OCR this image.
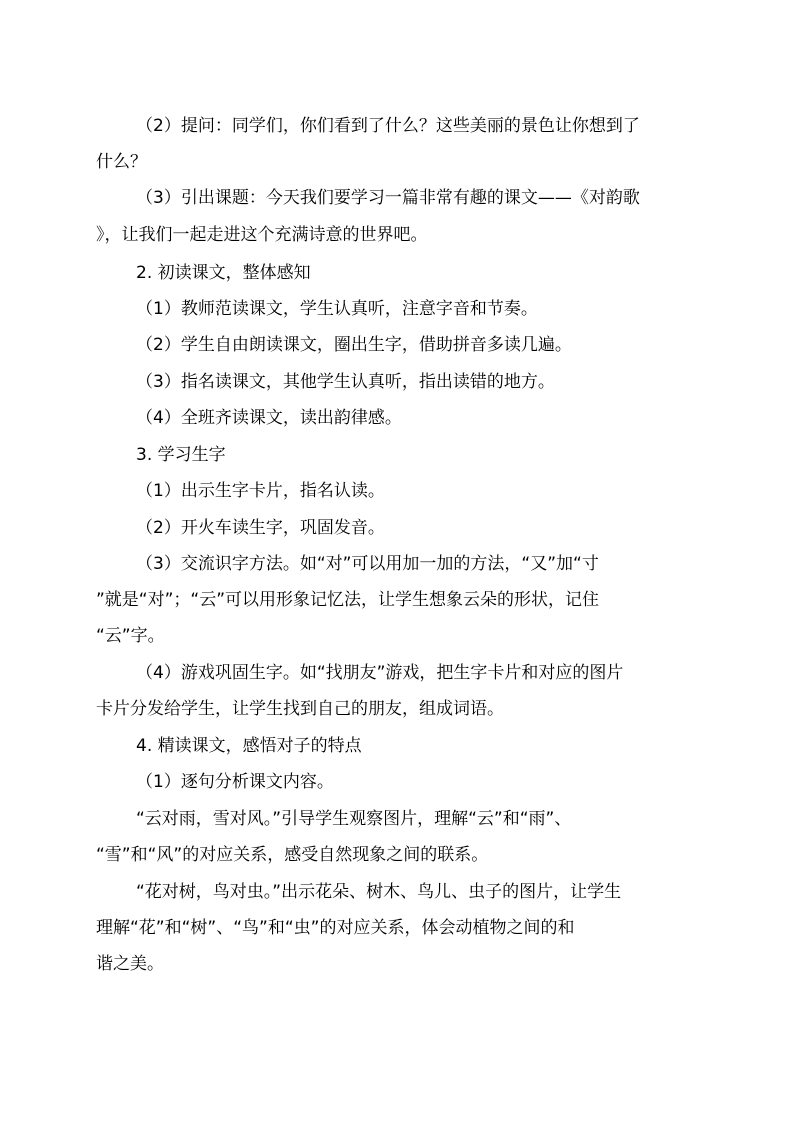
（2）提问：同学们，你们看到了什么？这些美丽的景色让你想到了
什么？
（3）引出课题：今天我们要学习一篇非常有趣的课文——《对韵歌
》，让我们一起走进这个充满诗意的世界吧。
2. 初读课文，整体感知
（1）教师范读课文，学生认真听，注意字音和节奏。
（2）学生自由朗读课文，圈出生字，借助拼音多读几遍。
（3）指名读课文，其他学生认真听，指出读错的地方。
（4）全班齐读课文，读出韵律感。
3. 学习生字
（1）出示生字卡片，指名认读。
（2）开火车读生字，巩固发音。
（3）交流识字方法。如“对”可以用加一加的方法，“又”加“寸
”就是“对”；“云”可以用形象记忆法，让学生想象云朵的形状，记住
“云”字。
（4）游戏巩固生字。如“找朋友”游戏，把生字卡片和对应的图片
卡片分发给学生，让学生找到自己的朋友，组成词语。
4. 精读课文，感悟对子的特点
（1）逐句分析课文内容。
“云对雨，雪对风。”引导学生观察图片，理解“云”和“雨”、
“雪”和“风”的对应关系，感受自然现象之间的联系。
“花对树，鸟对虫。”出示花朵、树木、鸟儿、虫子的图片，让学生
理解“花”和“树”、“鸟”和“虫”的对应关系，体会动植物之间的和
谐之美。
